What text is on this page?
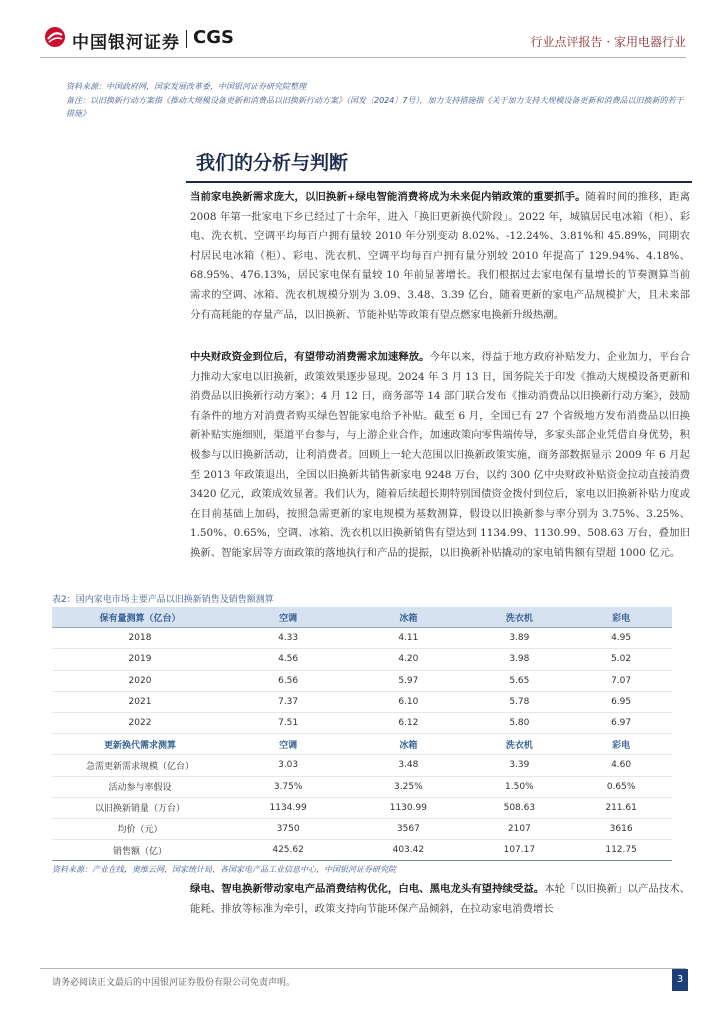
中国银河证券 CGS	行业点评报告 · 家用电器行业
资料来源：中国政府网，国家发展改革委，中国银河证券研究院整理
备注：以旧换新行动方案指《推动大规模设备更新和消费品以旧换新行动方案》（国发〔2024〕7号），加力支持措施指《关于加力支持大规模设备更新和消费品以旧换新的若干措施》
我们的分析与判断
当前家电换新需求庞大，以旧换新+绿电智能消费将成为未来促内销政策的重要抓手。随着时间的推移，距离 2008 年第一批家电下乡已经过了十余年，进入「换旧更新换代阶段」。2022 年，城镇居民电冰箱（柜）、彩电、洗衣机、空调平均每百户拥有量较 2010 年分别变动 8.02%、-12.24%、3.81%和 45.89%，同期农村居民电冰箱（柜）、彩电、洗衣机、空调平均每百户拥有量分别较 2010 年提高了 129.94%、4.18%、68.95%、476.13%，居民家电保有量较 10 年前显著增长。我们根据过去家电保有量增长的节奏测算当前需求的空调、冰箱、洗衣机规模分别为 3.09、3.48、3.39 亿台，随着更新的家电产品规模扩大，且未来部分有高耗能的存量产品，以旧换新、节能补贴等政策有望点燃家电换新升级热潮。
中央财政资金到位后，有望带动消费需求加速释放。今年以来，得益于地方政府补贴发力、企业加力，平台合力推动大家电以旧换新，政策效果逐步显现。2024 年 3 月 13 日，国务院关于印发《推动大规模设备更新和消费品以旧换新行动方案》；4 月 12 日，商务部等 14 部门联合发布《推动消费品以旧换新行动方案》，鼓励有条件的地方对消费者购买绿色智能家电给予补贴。截至 6 月，全国已有 27 个省级地方发布消费品以旧换新补贴实施细则，渠道平台参与，与上游企业合作，加速政策向零售端传导，多家头部企业凭借自身优势，积极参与以旧换新活动，让利消费者。回顾上一轮大范围以旧换新政策实施，商务部数据显示 2009 年 6 月起至 2013 年政策退出，全国以旧换新共销售新家电 9248 万台，以约 300 亿中央财政补贴资金拉动直接消费 3420 亿元，政策成效显著。我们认为，随着后续超长期特别国债资金拨付到位后，家电以旧换新补贴力度或在目前基础上加码，按照急需更新的家电规模为基数测算，假设以旧换新参与率分别为 3.75%、3.25%、1.50%、0.65%，空调、冰箱、洗衣机以旧换新销售有望达到 1134.99、1130.99、508.63 万台，叠加旧换新、智能家居等方面政策的落地执行和产品的提振，以旧换新补贴撬动的家电销售额有望超 1000 亿元。
表2：国内家电市场主要产品以旧换新销售及销售额测算
保有量测算（亿台）	空调	冰箱	洗衣机	彩电
2018	4.33	4.11	3.89	4.95
2019	4.56	4.20	3.98	5.02
2020	6.56	5.97	5.65	7.07
2021	7.37	6.10	5.78	6.95
2022	7.51	6.12	5.80	6.97
更新换代需求测算	空调	冰箱	洗衣机	彩电
急需更新需求规模（亿台）	3.03	3.48	3.39	4.60
活动参与率假设	3.75%	3.25%	1.50%	0.65%
以旧换新销量（万台）	1134.99	1130.99	508.63	211.61
均价（元）	3750	3567	2107	3616
销售额（亿）	425.62	403.42	107.17	112.75
资料来源：产业在线，奥维云网，国家统计局，各国家电产品工业信息中心，中国银河证券研究院
绿电、智电换新带动家电产品消费结构优化，白电、黑电龙头有望持续受益。本轮「以旧换新」以产品技术、能耗、排放等标准为牵引，政策支持向节能环保产品倾斜，在拉动家电消费增长
请务必阅读正文最后的中国银河证券股份有限公司免责声明。	3
